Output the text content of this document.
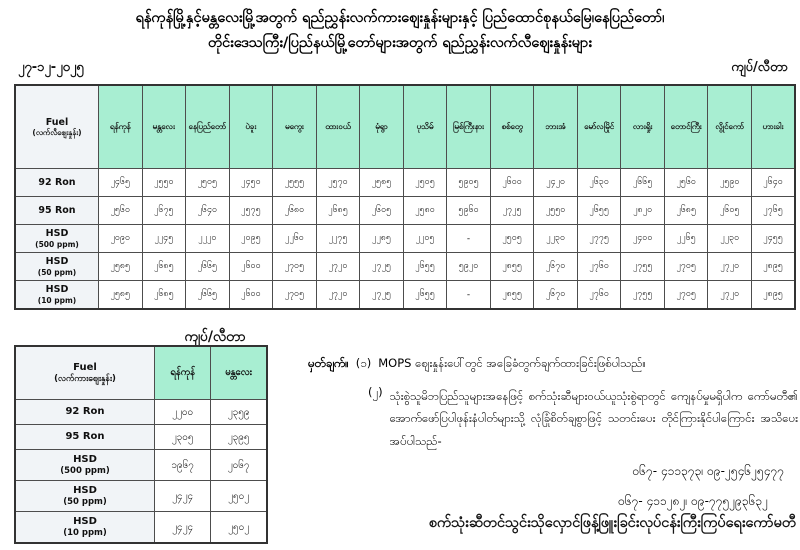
ရန်ကုန်မြို့နှင့်မန္တလေးမြို့အတွက် ရည်ညွှန်းလက်ကားဈေးနှုန်းများနှင့် ပြည်ထောင်စုနယ်မြေ၊နေပြည်တော်၊
တိုင်းဒေသကြီး/ပြည်နယ်မြို့တော်များအတွက် ရည်ညွှန်းလက်လီဈေးနှုန်းများ
၂၇-၁၂-၂၀၂၅	ကျပ်/လီတာ
Fuel
(လက်လီဈေးနှုန်း)	ရန်ကုန်	မန္တလေး	နေပြည်တော်	ပဲခူး	မကွေး	ထားဝယ်	မုံရွာ	ပုသိမ်	မြစ်ကြီးနား	စစ်တွေ	ဘားအံ	မော်လမြိုင်	လားရှိုး	တောင်ကြီး	လွိုင်ကော်	ဟားခါး

92 Ron	၂၄၆၅	၂၅၅၀	၂၅၀၅	၂၄၅၀	၂၅၅၅	၂၅၇၀	၂၅၈၅	၂၅၀၅	၅၉၀၅	၂၆၀၀	၂၄၂၀	၂၆၃၀	၂၆၆၅	၂၅၆၀	၂၅၉၀	၂၆၄၀

95 Ron	၂၅၆၀	၂၆၇၅	၂၆၄၀	၂၅၇၅	၂၆၈၀	၂၆၈၅	၂၆၀၅	၂၅၈၀	၅၉၆၀	၂၇၂၅	၂၅၅၀	၂၆၅၅	၂၈၂၀	၂၆၈၅	၂၆၀၅	၂၇၆၅

HSD
(500 ppm)	၂၀၉၀	၂၂၄၅	၂၂၂၀	၂၀၉၅	၂၂၆၀	၂၂၇၅	၂၂၈၅	၂၂၀၅	-	၂၅၀၅	၂၂၃၀	၂၇၇၅	၂၄၀၀	၂၂၆၅	၂၂၃၀	၂၄၅၅

HSD
(50 ppm)	၂၅၈၅	၂၆၈၅	၂၆၆၅	၂၆၀၀	၂၇၀၅	၂၇၂၀	၂၇၂၅	၂၆၅၅	၅၉၂၀	၂၈၅၅	၂၆၇၀	၂၇၆၀	၂၇၅၅	၂၇၀၅	၂၇၂၀	၂၈၉၅

HSD
(10 ppm)	၂၅၈၅	၂၆၈၅	၂၆၆၅	၂၆၀၀	၂၇၀၅	၂၇၂၀	၂၇၂၅	၂၆၅၅	-	၂၈၅၅	၂၆၇၀	၂၇၆၀	၂၇၅၅	၂၇၀၅	၂၇၂၀	၂၈၉၅
ကျပ်/လီတာ
Fuel
(လက်ကားဈေးနှုန်း)	ရန်ကုန်	မန္တလေး

92 Ron	၂၂၀၀	၂၃၅၉

95 Ron	၂၃၀၅	၂၃၉၅

HSD
(500 ppm)	၁၉၆၇	၂၀၆၇

HSD
(50 ppm)	၂၄၂၄	၂၅၀၂

HSD
(10 ppm)	၂၄၂၄	၂၅၀၂
မှတ်ချက်။ (၁) MOPS ဈေးနှုန်းပေါ်တွင် အခြေခံတွက်ချက်ထားခြင်းဖြစ်ပါသည်။
(၂) သုံးစွဲသူမိဘပြည်သူများအနေဖြင့် စက်သုံးဆီများဝယ်ယူသုံးစွဲရာတွင် ကျေနပ်မှုမရှိပါက ကော်မတီ၏ အောက်ဖော်ပြပါဖုန်းနံပါတ်များသို့ လုံခြုံစိတ်ချစွာဖြင့် သတင်းပေး တိုင်ကြားနိုင်ပါကြောင်း အသိပေးအပ်ပါသည်-
၀၆၇- ၄၁၁၃၇၃၊ ၀၉-၂၅၄၆၂၅၄၇၇
၀၆၇- ၄၁၁၂၈၂၊ ၀၉-၇၇၅၂၉၃၆၃၂
စက်သုံးဆီတင်သွင်းသိုလှောင်ဖြန့်ဖြူးခြင်းလုပ်ငန်းကြီးကြပ်ရေးကော်မတီ
